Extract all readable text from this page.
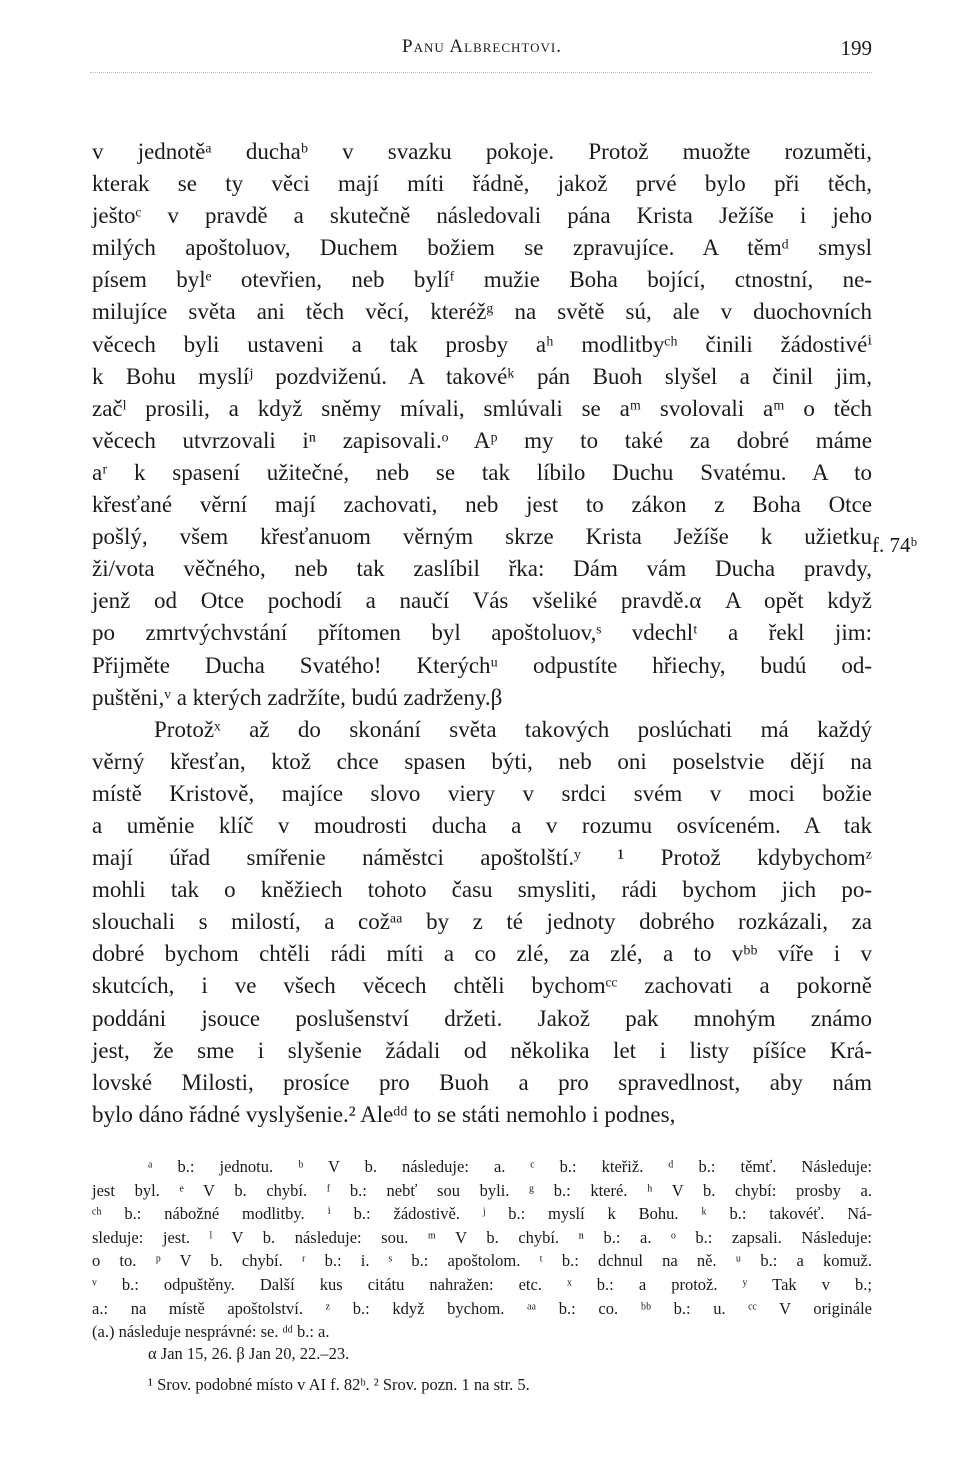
Panu Albrechtovi.	199
v jednotěᵃ duchaᵇ v svazku pokoje. Protož muožte rozuměti,
kterak se ty věci mají míti řádně, jakož prvé bylo při těch,
ještoᶜ v pravdě a skutečně následovali pána Krista Ježíše i jeho
milých apoštoluov, Duchem božiem se zpravujíce. A těmᵈ smysl
písem byl​ᵉ otevřien, neb bylíᶠ mužie Boha bojící, ctnostní, ne-
milujíce světa ani těch věcí, kteréžᵍ na světě sú, ale v duochovních
věcech byli ustaveni a tak prosby aʰ modlitbyᶜʰ činili žádostivéⁱ
k Bohu myslíʲ pozdviženú. A takovéᵏ pán Buoh slyšel a činil jim,
začˡ prosili, a když sněmy mívali, smlúvali se aᵐ svolovali aᵐ o těch
věcech utvrzovali iⁿ zapisovali.ᵒ Aᵖ my to také za dobré máme
aʳ k spasení užitečné, neb se tak líbilo Duchu Svatému. A to
křesťané věrní mají zachovati, neb jest to zákon z Boha Otce
pošlý, všem křesťanuom věrným skrze Krista Ježíše k užietku
ži/vota věčného, neb tak zaslíbil řka: Dám vám Ducha pravdy,
jenž od Otce pochodí a naučí Vás všeliké pravdě.α A opět když
po zmrtvýchvstání přítomen byl apoštoluov,ˢ vdechlᵗ a řekl jim:
Přijměte Ducha Svatého! Kterýchᵘ odpustíte hřiechy, budú od-
puštěni,ᵛ a kterých zadržíte, budú zadrženy.β
Protožˣ až do skonání světa takových poslúchati má každý
věrný křesťan, ktož chce spasen býti, neb oni poselstvie dějí na
místě Kristově, majíce slovo viery v srdci svém v moci božie
a uměnie klíč v moudrosti ducha a v rozumu osvíceném. A tak
mají úřad smířenie náměstci apoštolští.ʸ ¹ Protož kdybychomᶻ
mohli tak o kněžiech tohoto času smysliti, rádi bychom jich po-
slouchali s milostí, a cožᵃᵃ by z té jednoty dobrého rozkázali, za
dobré bychom chtěli rádi míti a co zlé, za zlé, a to vᵇᵇ víře i v
skutcích, i ve všech věcech chtěli bychomᶜᶜ zachovati a pokorně
poddáni jsouce poslušenství držeti. Jakož pak mnohým známo
jest, že sme i slyšenie žádali od několika let i listy píšíce Krá-
lovské Milosti, prosíce pro Buoh a pro spravedlnost, aby nám
bylo dáno řádné vyslyšenie.² Aleᵈᵈ to se státi nemohlo i podnes,
f. 74ᵇ
ᵃ b.: jednotu. ᵇ V b. následuje: a. ᶜ b.: kteřiž. ᵈ b.: těmť. Následuje:
jest byl. ᵉ V b. chybí. ᶠ b.: nebť sou byli. ᵍ b.: které. ʰ V b. chybí: prosby a.
ᶜʰ b.: nábožné modlitby. ⁱ b.: žádostivě. ʲ b.: myslí k Bohu. ᵏ b.: takovéť. Ná-
sleduje: jest. ˡ V b. následuje: sou. ᵐ V b. chybí. ⁿ b.: a. ᵒ b.: zapsali. Následuje:
o to. ᵖ V b. chybí. ʳ b.: i. ˢ b.: apoštolom. ᵗ b.: dchnul na ně. ᵘ b.: a komuž.
ᵛ b.: odpuštěny. Další kus citátu nahražen: etc. ˣ b.: a protož. ʸ Tak v b.;
a.: na místě apoštolství. ᶻ b.: když bychom. ᵃᵃ b.: co. ᵇᵇ b.: u. ᶜᶜ V originále
(a.) následuje nesprávné: se. ᵈᵈ b.: a.
α Jan 15, 26. β Jan 20, 22.–23.
¹ Srov. podobné místo v AI f. 82ᵇ. ² Srov. pozn. 1 na str. 5.
